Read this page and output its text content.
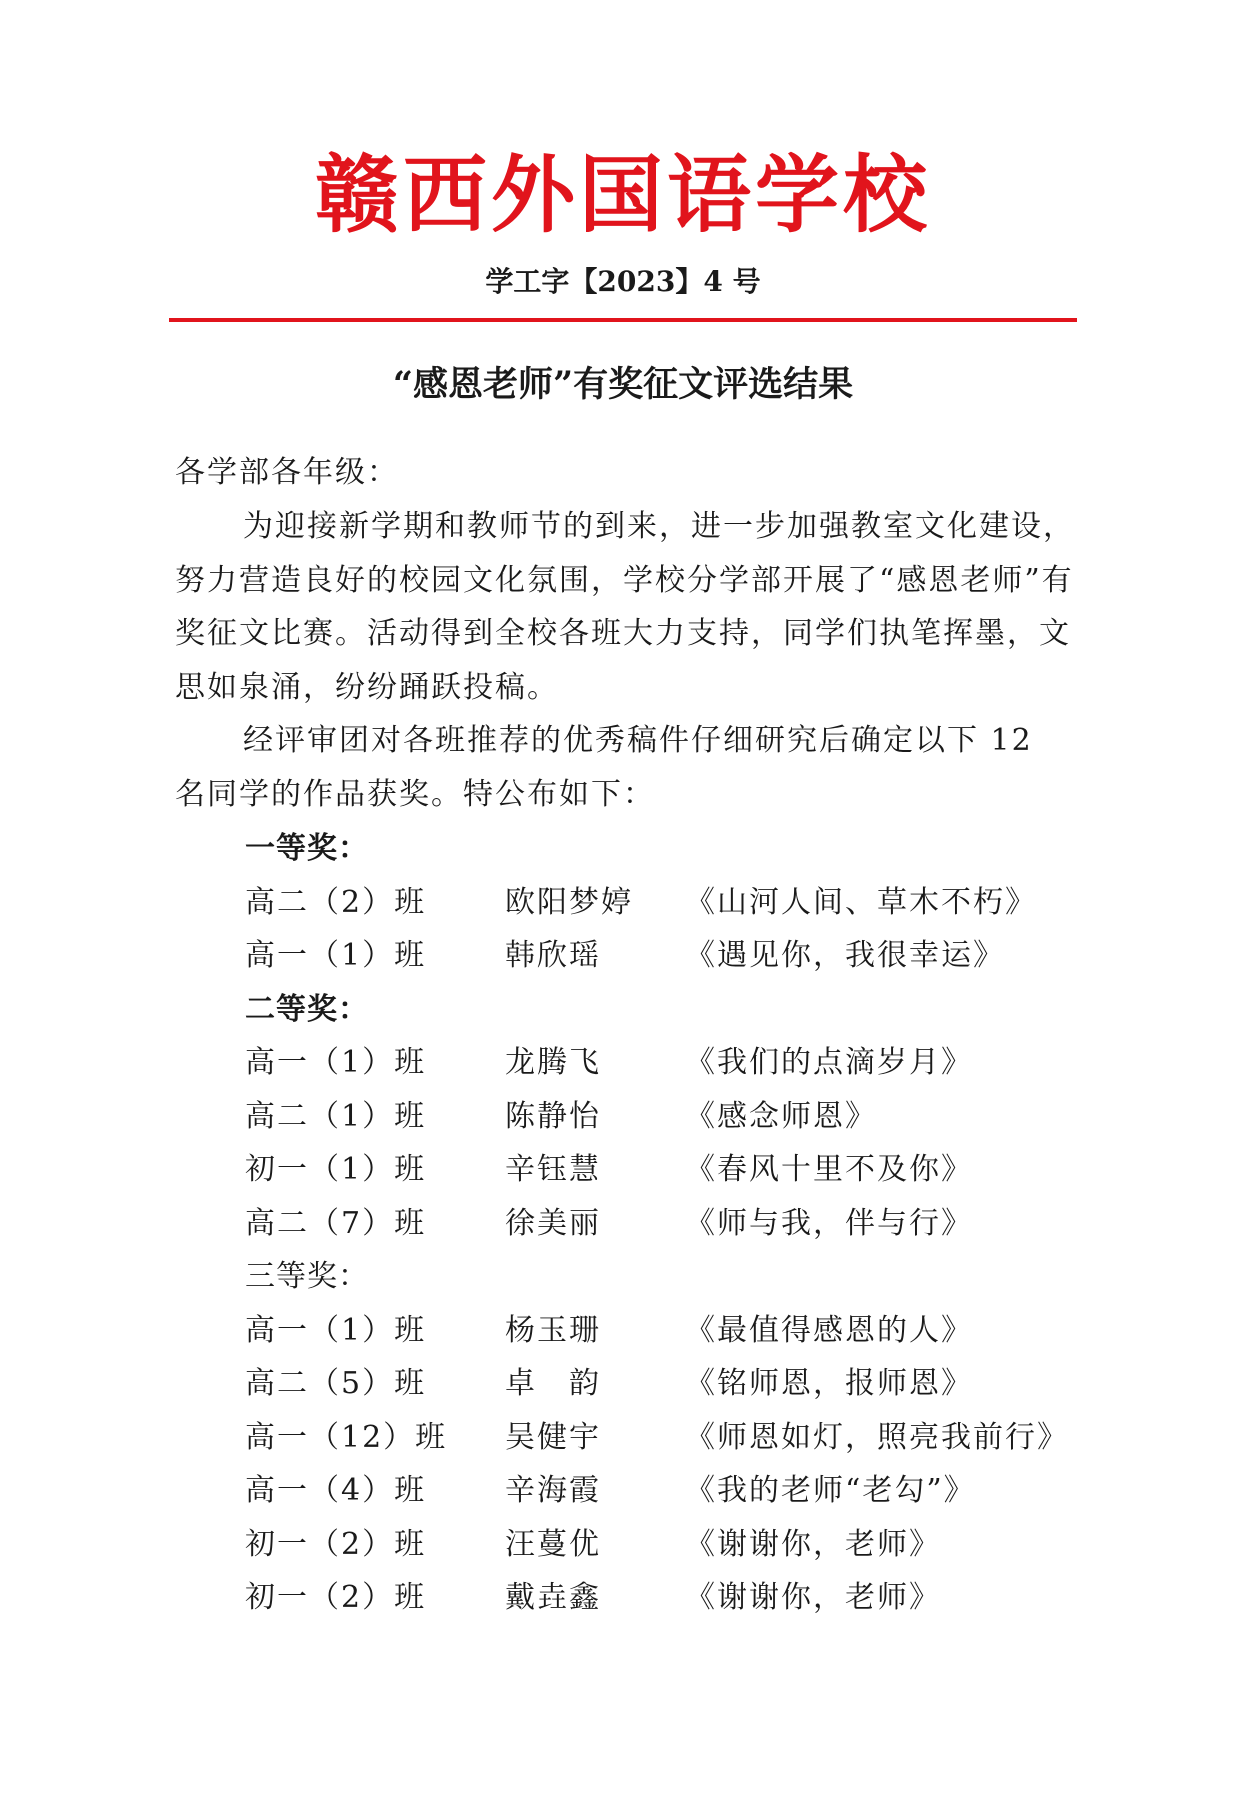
赣西外国语学校
学工字【2023】4 号
“感恩老师”有奖征文评选结果
各学部各年级：
为迎接新学期和教师节的到来，进一步加强教室文化建设，努力营造良好的校园文化氛围，学校分学部开展了“感恩老师”有奖征文比赛。活动得到全校各班大力支持，同学们执笔挥墨，文思如泉涌，纷纷踊跃投稿。
经评审团对各班推荐的优秀稿件仔细研究后确定以下 12 名同学的作品获奖。特公布如下：
一等奖：
高二（2）班	欧阳梦婷	《山河人间、草木不朽》
高一（1）班	韩欣瑶	《遇见你，我很幸运》
二等奖：
高一（1）班	龙腾飞	《我们的点滴岁月》
高二（1）班	陈静怡	《感念师恩》
初一（1）班	辛钰慧	《春风十里不及你》
高二（7）班	徐美丽	《师与我，伴与行》
三等奖：
高一（1）班	杨玉珊	《最值得感恩的人》
高二（5）班	卓　韵	《铭师恩，报师恩》
高一（12）班	吴健宇	《师恩如灯，照亮我前行》
高一（4）班	辛海霞	《我的老师“老勾”》
初一（2）班	汪蔓优	《谢谢你，老师》
初一（2）班	戴垚鑫	《谢谢你，老师》
